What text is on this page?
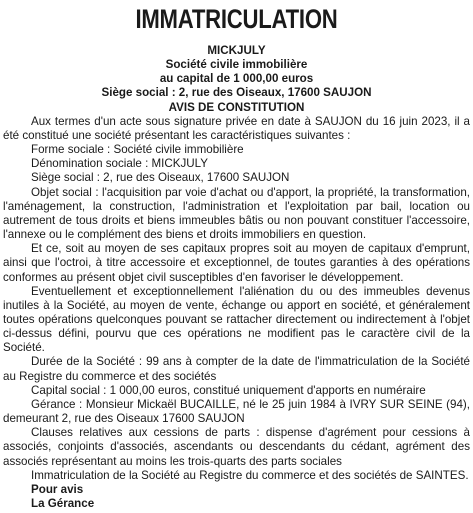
IMMATRICULATION
MICKJULY
Société civile immobilière
au capital de 1 000,00 euros
Siège social : 2, rue des Oiseaux, 17600 SAUJON
AVIS DE CONSTITUTION

Aux termes d'un acte sous signature privée en date à SAUJON du 16 juin 2023, il a été constitué une société présentant les caractéristiques suivantes :

Forme sociale : Société civile immobilière
Dénomination sociale : MICKJULY
Siège social : 2, rue des Oiseaux, 17600 SAUJON

Objet social : l'acquisition par voie d'achat ou d'apport, la propriété, la transformation, l'aménagement, la construction, l'administration et l'exploitation par bail, location ou autrement de tous droits et biens immeubles bâtis ou non pouvant constituer l'accessoire, l'annexe ou le complément des biens et droits immobiliers en question.

Et ce, soit au moyen de ses capitaux propres soit au moyen de capitaux d'emprunt, ainsi que l'octroi, à titre accessoire et exceptionnel, de toutes garanties à des opérations conformes au présent objet civil susceptibles d'en favoriser le développement.

Eventuellement et exceptionnellement l'aliénation du ou des immeubles devenus inutiles à la Société, au moyen de vente, échange ou apport en société, et généralement toutes opérations quelconques pouvant se rattacher directement ou indirectement à l'objet ci-dessus défini, pourvu que ces opérations ne modifient pas le caractère civil de la Société.

Durée de la Société : 99 ans à compter de la date de l'immatriculation de la Société au Registre du commerce et des sociétés

Capital social : 1 000,00 euros, constitué uniquement d'apports en numéraire

Gérance : Monsieur Mickaël BUCAILLE, né le 25 juin 1984 à IVRY SUR SEINE (94), demeurant 2, rue des Oiseaux 17600 SAUJON

Clauses relatives aux cessions de parts : dispense d'agrément pour cessions à associés, conjoints d'associés, ascendants ou descendants du cédant, agrément des associés représentant au moins les trois-quarts des parts sociales

Immatriculation de la Société au Registre du commerce et des sociétés de SAINTES.

Pour avis
La Gérance
